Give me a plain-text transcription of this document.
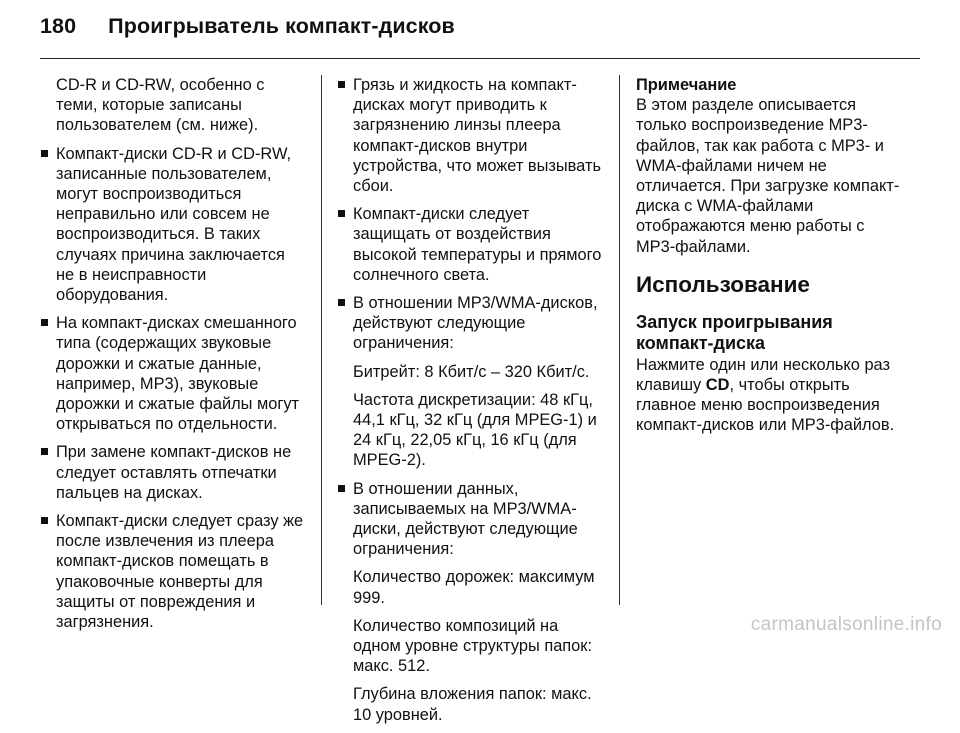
180 Проигрыватель компакт-дисков

CD-R и CD-RW, особенно с теми, которые записаны пользователем (см. ниже).

Компакт-диски CD-R и CD-RW, записанные пользователем, могут воспроизводиться неправильно или совсем не воспроизводиться. В таких случаях причина заключается не в неисправности оборудования.

На компакт-дисках смешанного типа (содержащих звуковые дорожки и сжатые данные, например, MP3), звуковые дорожки и сжатые файлы могут открываться по отдельности.

При замене компакт-дисков не следует оставлять отпечатки пальцев на дисках.

Компакт-диски следует сразу же после извлечения из плеера компакт-дисков помещать в упаковочные конверты для защиты от повреждения и загрязнения.

Грязь и жидкость на компакт-дисках могут приводить к загрязнению линзы плеера компакт-дисков внутри устройства, что может вызывать сбои.

Компакт-диски следует защищать от воздействия высокой температуры и прямого солнечного света.

В отношении MP3/WMA-дисков, действуют следующие ограничения:

Битрейт: 8 Кбит/с – 320 Кбит/с.

Частота дискретизации: 48 кГц, 44,1 кГц, 32 кГц (для MPEG-1) и 24 кГц, 22,05 кГц, 16 кГц (для MPEG-2).

В отношении данных, записываемых на MP3/WMA-диски, действуют следующие ограничения:

Количество дорожек: максимум 999.

Количество композиций на одном уровне структуры папок: макс. 512.

Глубина вложения папок: макс. 10 уровней.

Примечание

В этом разделе описывается только воспроизведение MP3-файлов, так как работа с MP3- и WMA-файлами ничем не отличается. При загрузке компакт-диска с WMA-файлами отображаются меню работы с MP3-файлами.

Использование

Запуск проигрывания компакт-диска

Нажмите один или несколько раз клавишу CD, чтобы открыть главное меню воспроизведения компакт-дисков или MP3-файлов.

carmanualsonline.info
